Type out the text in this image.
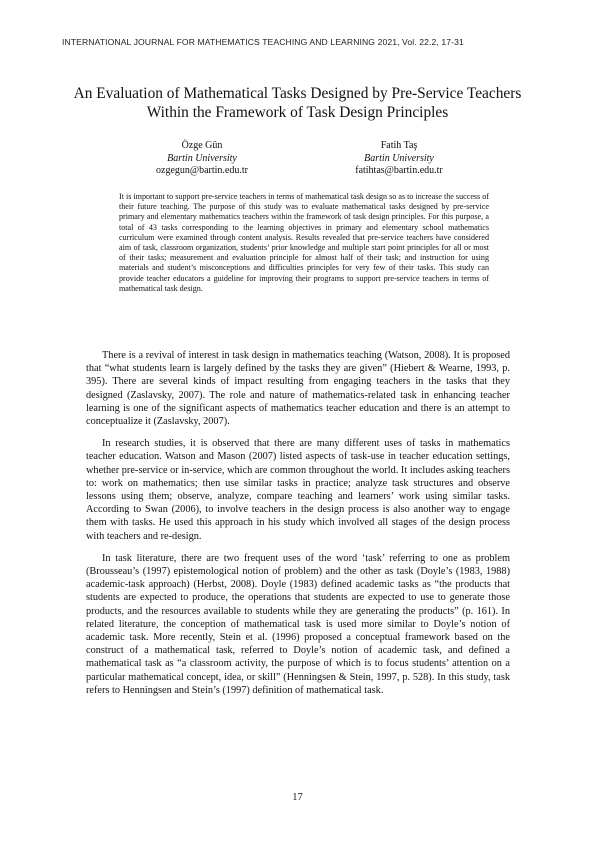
INTERNATIONAL JOURNAL FOR MATHEMATICS TEACHING AND LEARNING 2021, Vol. 22.2, 17-31
An Evaluation of Mathematical Tasks Designed by Pre-Service Teachers Within the Framework of Task Design Principles
Özge Gün
Bartin University
ozgegun@bartin.edu.tr
Fatih Taş
Bartin University
fatihtas@bartin.edu.tr
It is important to support pre-service teachers in terms of mathematical task design so as to increase the success of their future teaching. The purpose of this study was to evaluate mathematical tasks designed by pre-service primary and elementary mathematics teachers within the framework of task design principles. For this purpose, a total of 43 tasks corresponding to the learning objectives in primary and elementary school mathematics curriculum were examined through content analysis. Results revealed that pre-service teachers have considered aim of task, classroom organization, students’ prior knowledge and multiple start point principles for all or most of their tasks; measurement and evaluation principle for almost half of their task; and instruction for using materials and student’s misconceptions and difficulties principles for very few of their tasks. This study can provide teacher educators a guideline for improving their programs to support pre-service teachers in terms of mathematical task design.

There is a revival of interest in task design in mathematics teaching (Watson, 2008). It is proposed that “what students learn is largely defined by the tasks they are given” (Hiebert & Wearne, 1993, p. 395). There are several kinds of impact resulting from engaging teachers in the tasks that they designed (Zaslavsky, 2007). The role and nature of mathematics-related task in enhancing teacher learning is one of the significant aspects of mathematics teacher education and there is an attempt to conceptualize it (Zaslavsky, 2007).

In research studies, it is observed that there are many different uses of tasks in mathematics teacher education. Watson and Mason (2007) listed aspects of task-use in teacher education settings, whether pre-service or in-service, which are common throughout the world. It includes asking teachers to: work on mathematics; then use similar tasks in practice; analyze task structures and observe lessons using them; observe, analyze, compare teaching and learners’ work using similar tasks. According to Swan (2006), to involve teachers in the design process is also another way to engage them with tasks. He used this approach in his study which involved all stages of the design process with teachers and re-design.

In task literature, there are two frequent uses of the word ‘task’ referring to one as problem (Brousseau’s (1997) epistemological notion of problem) and the other as task (Doyle’s (1983, 1988) academic-task approach) (Herbst, 2008). Doyle (1983) defined academic tasks as “the products that students are expected to produce, the operations that students are expected to use to generate those products, and the resources available to students while they are generating the products” (p. 161). In related literature, the conception of mathematical task is used more similar to Doyle’s notion of academic task. More recently, Stein et al. (1996) proposed a conceptual framework based on the construct of a mathematical task, referred to Doyle’s notion of academic task, and defined a mathematical task as “a classroom activity, the purpose of which is to focus students’ attention on a particular mathematical concept, idea, or skill” (Henningsen & Stein, 1997, p. 528). In this study, task refers to Henningsen and Stein’s (1997) definition of mathematical task.

17
